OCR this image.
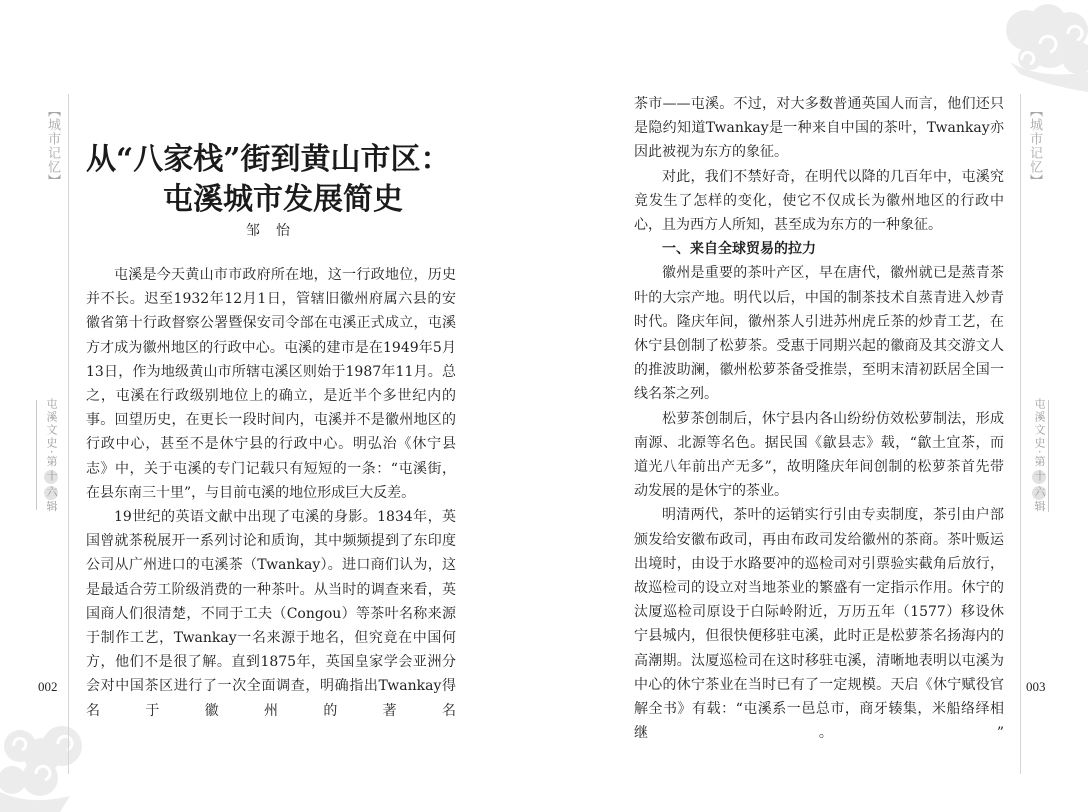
【城市记忆】
屯溪文史·第十六辑
从“八家栈”街到黄山市区：
屯溪城市发展简史
邹怡

屯溪是今天黄山市市政府所在地，这一行政地位，历史并不长。迟至1932年12月1日，管辖旧徽州府属六县的安徽省第十行政督察公署暨保安司令部在屯溪正式成立，屯溪方才成为徽州地区的行政中心。屯溪的建市是在1949年5月13日，作为地级黄山市所辖屯溪区则始于1987年11月。总之，屯溪在行政级别地位上的确立，是近半个多世纪内的事。回望历史，在更长一段时间内，屯溪并不是徽州地区的行政中心，甚至不是休宁县的行政中心。明弘治《休宁县志》中，关于屯溪的专门记载只有短短的一条：“屯溪街，在县东南三十里”，与目前屯溪的地位形成巨大反差。

19世纪的英语文献中出现了屯溪的身影。1834年，英国曾就茶税展开一系列讨论和质询，其中频频提到了东印度公司从广州进口的屯溪茶（Twankay）。进口商们认为，这是最适合劳工阶级消费的一种茶叶。从当时的调查来看，英国商人们很清楚，不同于工夫（Congou）等茶叶名称来源于制作工艺，Twankay一名来源于地名，但究竟在中国何方，他们不是很了解。直到1875年，英国皇家学会亚洲分会对中国茶区进行了一次全面调查，明确指出Twankay得名于徽州的著名

002

茶市——屯溪。不过，对大多数普通英国人而言，他们还只是隐约知道Twankay是一种来自中国的茶叶，Twankay亦因此被视为东方的象征。

对此，我们不禁好奇，在明代以降的几百年中，屯溪究竟发生了怎样的变化，使它不仅成长为徽州地区的行政中心，且为西方人所知，甚至成为东方的一种象征。

一、来自全球贸易的拉力

徽州是重要的茶叶产区，早在唐代，徽州就已是蒸青茶叶的大宗产地。明代以后，中国的制茶技术自蒸青进入炒青时代。隆庆年间，徽州茶人引进苏州虎丘茶的炒青工艺，在休宁县创制了松萝茶。受惠于同期兴起的徽商及其交游文人的推波助澜，徽州松萝茶备受推崇，至明末清初跃居全国一线名茶之列。

松萝茶创制后，休宁县内各山纷纷仿效松萝制法，形成南源、北源等名色。据民国《歙县志》载，“歙土宜茶，而道光八年前出产无多”，故明隆庆年间创制的松萝茶首先带动发展的是休宁的茶业。

明清两代，茶叶的运销实行引由专卖制度，茶引由户部颁发给安徽布政司，再由布政司发给徽州的茶商。茶叶贩运出境时，由设于水路要冲的巡检司对引票验实截角后放行，故巡检司的设立对当地茶业的繁盛有一定指示作用。休宁的汰厦巡检司原设于白际岭附近，万历五年（1577）移设休宁县城内，但很快便移驻屯溪，此时正是松萝茶名扬海内的高潮期。汰厦巡检司在这时移驻屯溪，清晰地表明以屯溪为中心的休宁茶业在当时已有了一定规模。天启《休宁赋役官解全书》有载：“屯溪系一邑总市，商牙辏集，米船络绎相继。”

【城市记忆】
屯溪文史·第十六辑
003
